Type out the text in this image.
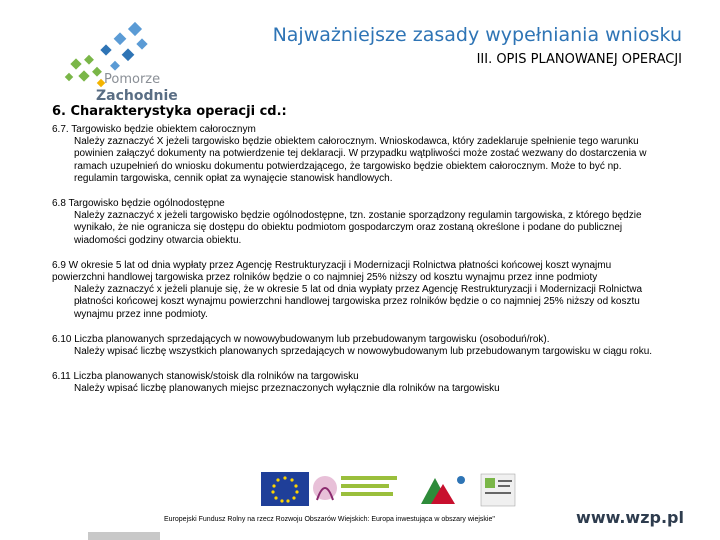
Pomorze
Zachodnie
Najważniejsze zasady wypełniania wniosku
III. OPIS PLANOWANEJ OPERACJI
6. Charakterystyka operacji cd.:
6.7. Targowisko będzie obiektem całorocznym

Należy zaznaczyć X jeżeli targowisko będzie obiektem całorocznym. Wnioskodawca, który zadeklaruje spełnienie tego warunku powinien załączyć dokumenty na potwierdzenie tej deklaracji. W przypadku wątpliwości może zostać wezwany do dostarczenia w ramach uzupełnień do wniosku dokumentu potwierdzającego, że targowisko będzie obiektem całorocznym. Może to być np. regulamin targowiska, cennik opłat za wynajęcie stanowisk handlowych.

6.8 Targowisko będzie ogólnodostępne

Należy zaznaczyć x jeżeli targowisko będzie ogólnodostępne, tzn. zostanie sporządzony regulamin targowiska, z którego będzie wynikało, że nie ogranicza się dostępu do obiektu podmiotom gospodarczym oraz zostaną określone i podane do publicznej wiadomości godziny otwarcia obiektu.

6.9 W okresie 5 lat od dnia wypłaty przez Agencję Restrukturyzacji i Modernizacji Rolnictwa płatności końcowej koszt wynajmu powierzchni handlowej targowiska przez rolników będzie o co najmniej 25% niższy od kosztu wynajmu przez inne podmioty

Należy zaznaczyć x jeżeli planuje się, że w okresie 5 lat od dnia wypłaty przez Agencję Restrukturyzacji i Modernizacji Rolnictwa płatności końcowej koszt wynajmu powierzchni handlowej targowiska przez rolników będzie o co najmniej 25% niższy od kosztu wynajmu przez inne podmioty.

6.10 Liczba planowanych sprzedających w nowowybudowanym lub przebudowanym targowisku (osoboduń/rok).

Należy wpisać liczbę wszystkich planowanych sprzedających w nowowybudowanym lub przebudowanym targowisku w ciągu roku.

6.11 Liczba planowanych stanowisk/stoisk dla rolników na targowisku

Należy wpisać liczbę planowanych miejsc przeznaczonych wyłącznie dla rolników na targowisku

Europejski Fundusz Rolny na rzecz Rozwoju Obszarów Wiejskich: Europa inwestująca w obszary wiejskie"	www.wzp.pl
